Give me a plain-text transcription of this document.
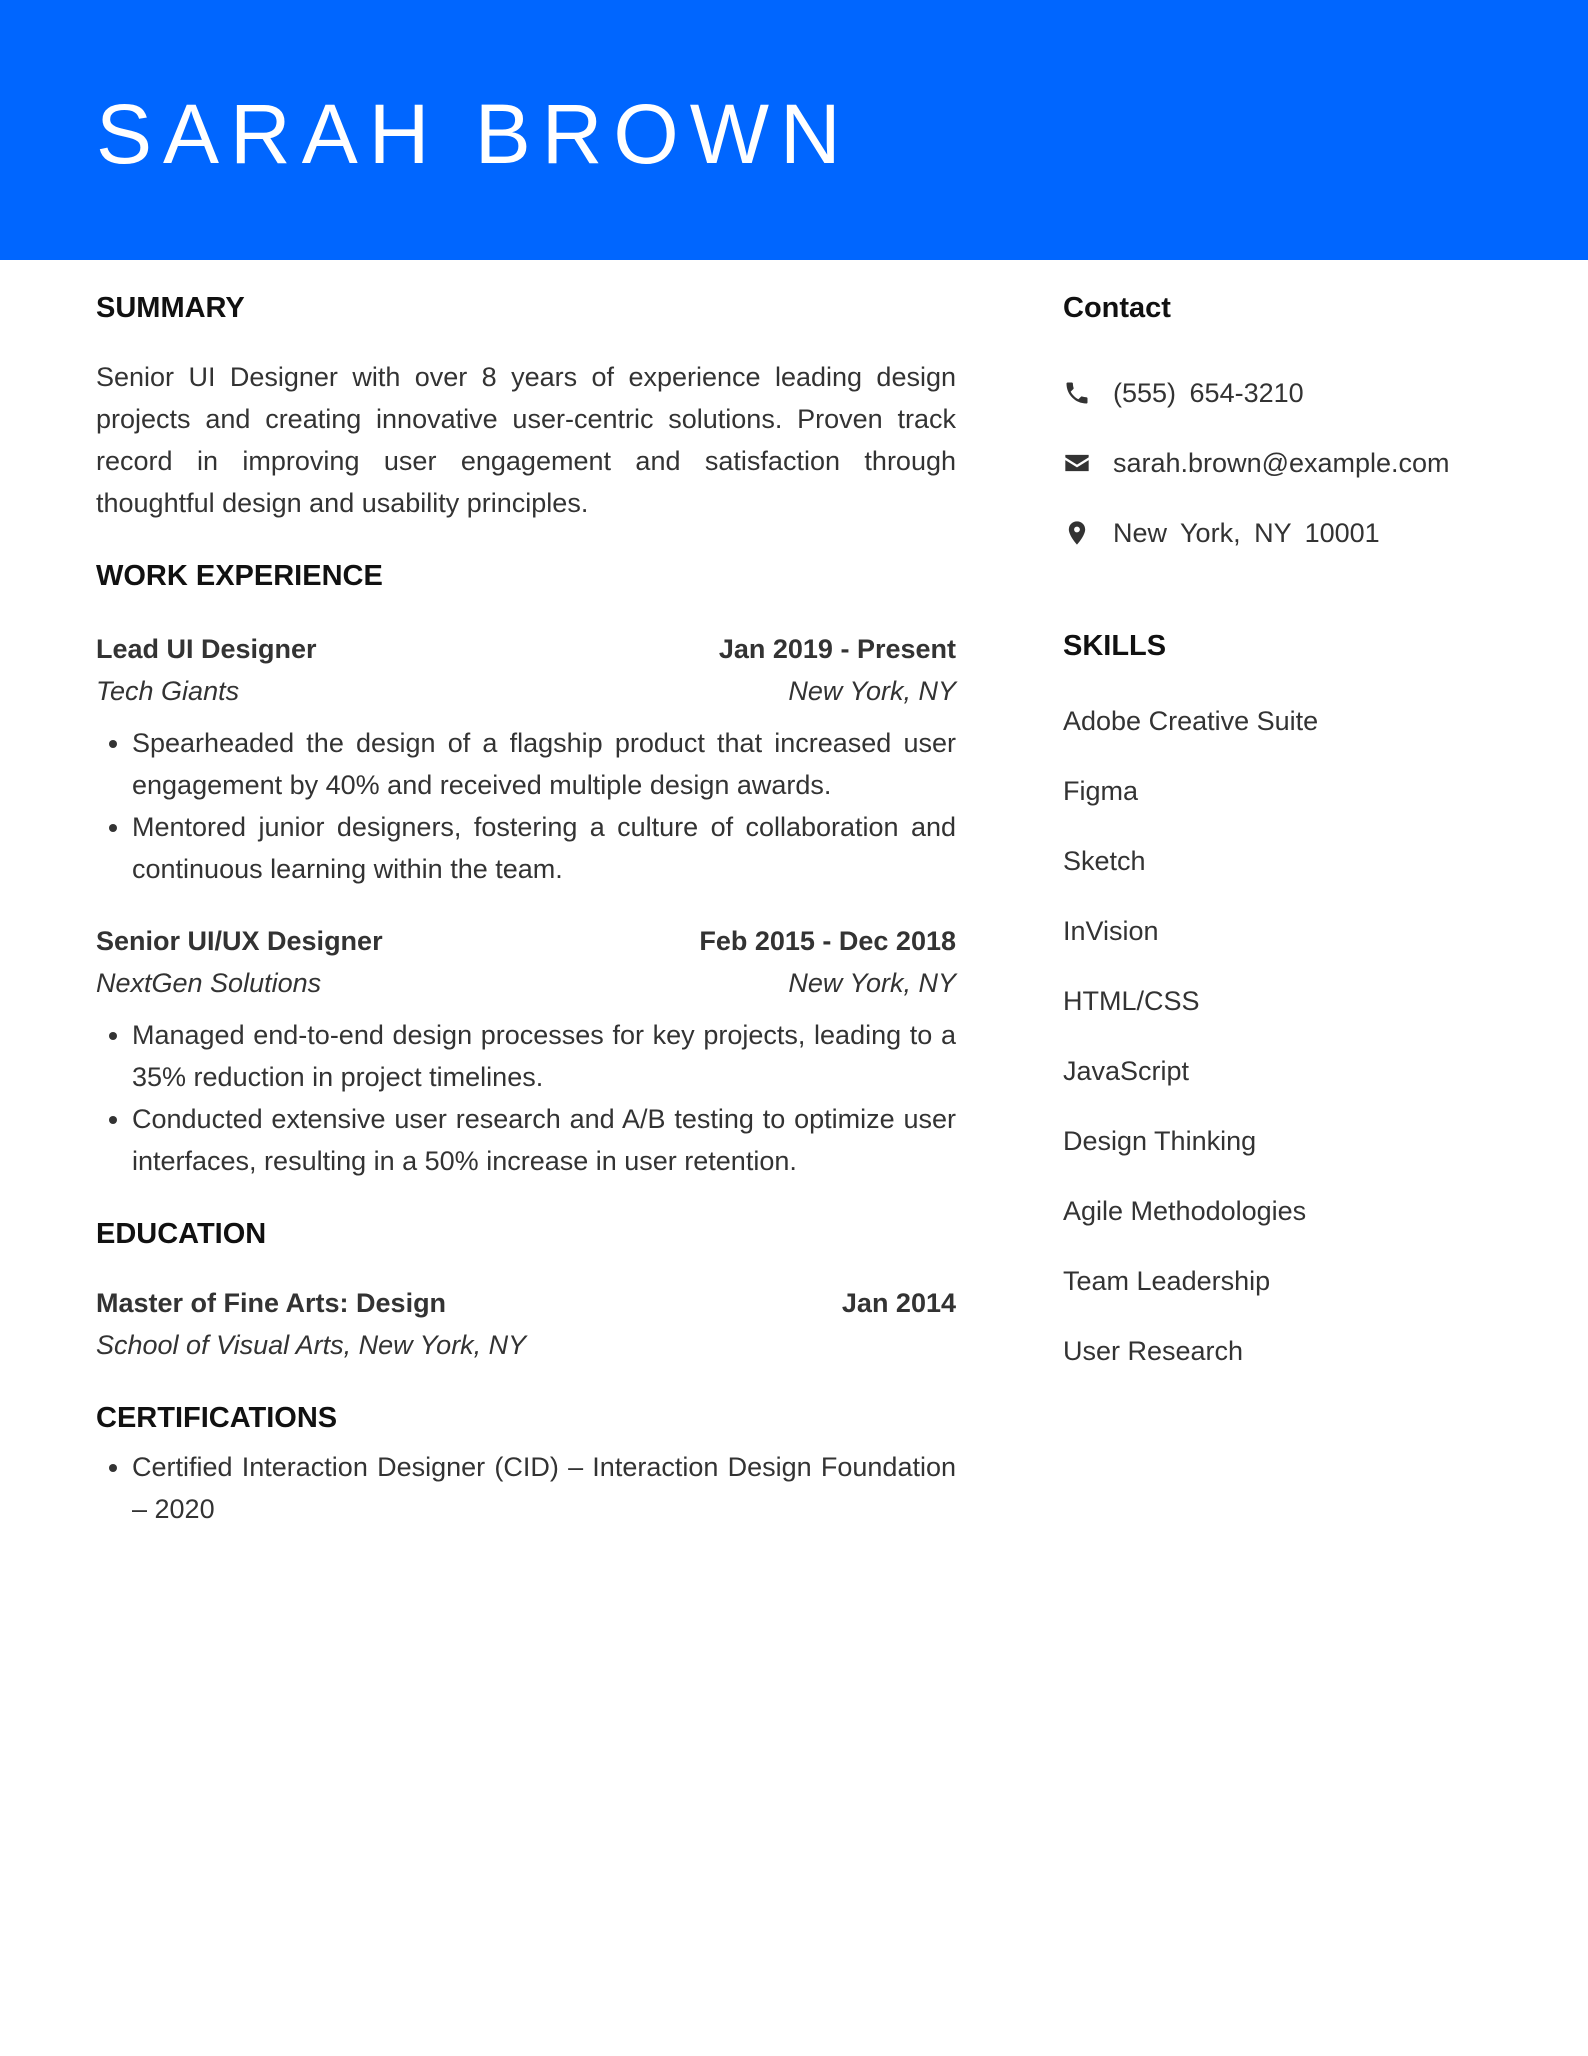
SARAH BROWN
SUMMARY

Senior UI Designer with over 8 years of experience leading design projects and creating innovative user-centric solutions. Proven track record in improving user engagement and satisfaction through thoughtful design and usability principles.

WORK EXPERIENCE
Lead UI Designer	Jan 2019 - Present
Tech Giants	New York, NY
• Spearheaded the design of a flagship product that increased user engagement by 40% and received multiple design awards.
• Mentored junior designers, fostering a culture of collaboration and continuous learning within the team.
Senior UI/UX Designer	Feb 2015 - Dec 2018
NextGen Solutions	New York, NY
• Managed end-to-end design processes for key projects, leading to a 35% reduction in project timelines.
• Conducted extensive user research and A/B testing to optimize user interfaces, resulting in a 50% increase in user retention.
EDUCATION
Master of Fine Arts: Design	Jan 2014
School of Visual Arts, New York, NY
CERTIFICATIONS
• Certified Interaction Designer (CID) – Interaction Design Foundation – 2020
Contact
(555) 654-3210
sarah.brown@example.com
New York, NY 10001
SKILLS
Adobe Creative Suite
Figma
Sketch
InVision
HTML/CSS
JavaScript
Design Thinking
Agile Methodologies
Team Leadership
User Research
